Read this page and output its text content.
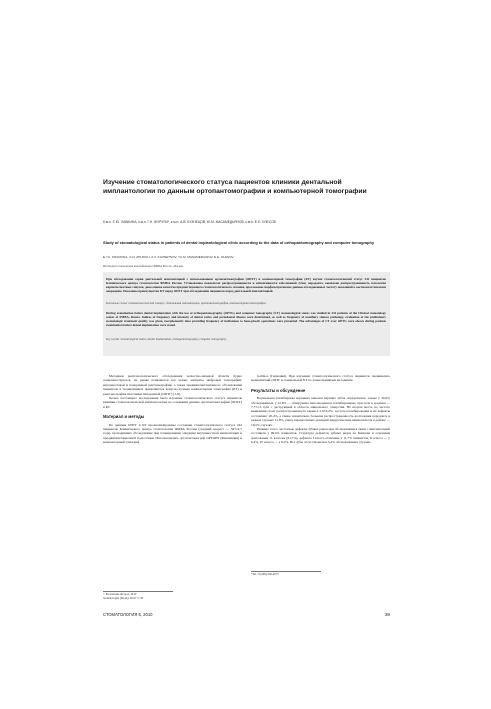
Изучение стоматологического статуса пациентов клиники дентальной имплантологии по данным ортопантомографии и компьютерной томографии
К.м.н. Е.Ю. ХАВКИНА, к.м.н. Г.Н. ЖУРУЛИ*, к.м.н. А.В. КУЗНЕЦОВ, Ю.М. МАСАМЕДЬЯНОВ, к.м.н. Е.Е. ОЛЕСОВ
Study of stomatological status in patients of dental implantological clinic according to the data of orthopantomography and computer tomography
E.YU. KHAVKINA, G.N. ZHURULI, A.V. KUZNETSOV, YU.M. MASAMEDIANOV, E.E. OLESOV
Институт повышения квалификации ФМБА России, Москва
При обследовании серии дентальной имплантацией с использованием ортопантомографии (ОПТГ) и компьютерной томографии (КТ) изучен стоматологический статус 242 пациентов Клинического центра стоматологии ФМБА России. Установлены показатели распространенности и интенсивности заболеваний зубов, пародонта, выявлена распространенность патологии верхнечелюстных синусов, дана оценка качества предшествующего стоматологического лечения, прослежены морфометрические данные обследованных частоту показаний к костнопластическим операциям. Показаны преимущества КТ перед ОПТГ при обследовании пациентов перед дентальной имплантацией.
Ключевые слова: стоматологический статус, дентальная имплантация, ортопантомография, компьютерная томография.
During examination before dental implantation with the use of orthopantomography (OPTG) and computer tomography (CT) stomatological status was studied in 242 patients of the Clinical stomatology center of FMBA, Russia. Indices of frequency and intensity of dental caries and periodontal disease were determined, as well as frequency of maxillary sinuses pathology, evaluation of the preliminary stomatologic treatment quality was given, morphometric data providing frequency of indications to bone-plastic operations were presented. The advantages of CT over OPTG were shown during patients examination before dental implantation were stated.
Key words: stomatological status, dental implantation, orthopantomography, computer tomography.

Методики рентгенологического обследования челюстно-лицевой области бурно совершенствуются, на рынке появляются все новые аппараты цифровой томографии: внутриротовой и панорамной рентгенографии, а также предимплантационного обследования пациентов в поликлиниках применяются конусно-лучевая компьютерная томография (КТ) и рентгенография пластинки панорамной (ОПТГ) [1-8].

Целью настоящего исследования было изучение стоматологического статуса пациентов клиники стоматологической имплантологии на основании данных ортопантомографии (ОПТГ) и КТ.

Материал и методы

По данным ОПТГ и КТ проанализированы состояние стоматологического статуса 242 пациентов Клинического центра стоматологии ФМБА России (средний возраст — 36±12,7 года), проходивших обследование при планировании операции внутрикостной имплантации и предимплантационной подготовки. Использовались ортопантомограф ОРТОРХ (Финляндия) и компьютерный томограф

Galileos (Германия). При изучении стоматологического статуса пациентов оценивались медицинский ОПТГ и специальной КТ по ранее принятым методикам.

Результаты и обсуждение

Нормальная пломбировка корневых каналов верхних зубов определялась только у 30,6% обследованных, у 12,8% — обнаружено неполноценное пломбирование, при этом в среднем — 7,7±1,5 зуба с деструкцией в области апикального отверстия. На втором месте по частоте выявления стоит распространенность кариеса 5,6±0,4%, частота пломбирования и их дефекты составляют 20,4%, а также значительно большая распространенность воспаления пародонта в разных группах 31,8%, ранее перенесенных резекций хирургических вмешательств в районе — 16,5% случаях.

Помимо этого, частотные дефекты зубных рядов при обследовании в связи с имплантацией составили у 99,6% пациентов. Структура дефектов зубных рядов по Кеннеди и основным зрительным 11 классам (61,7%), дефекты I класса отмечены у 11,7% пациентов, II класса — у 6,4%, IV класса — у 6,4%. Все зубы отсутствовали в 5,4% обследованных случаях.

© Коллектив авторов, 2010
Stomatologiia (Mosk). 2010; 5: 39
*Tel.: 8 (499) 646-4675
СТОМАТОЛОГИЯ 5, 2010	39
